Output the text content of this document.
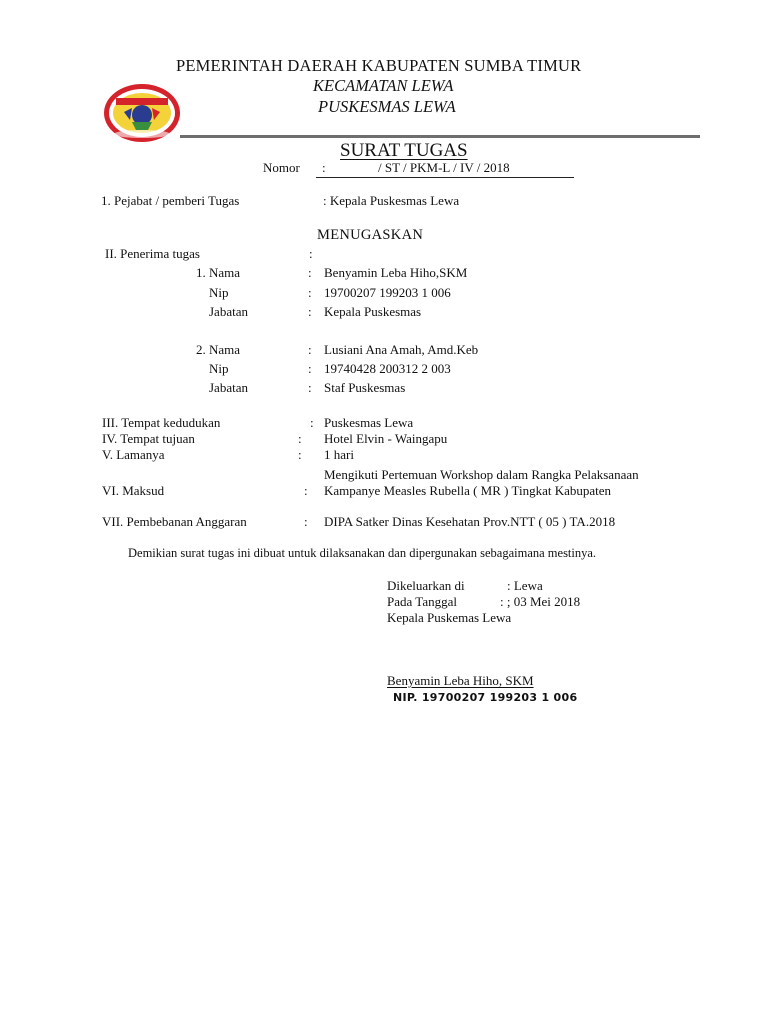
PEMERINTAH DAERAH KABUPATEN SUMBA TIMUR
KECAMATAN LEWA
PUSKESMAS LEWA
SURAT TUGAS
Nomor :	/ ST / PKM-L / IV / 2018
1. Pejabat / pemberi Tugas	: Kepala Puskesmas Lewa
MENUGASKAN
II. Penerima tugas	:
1. Nama	: Benyamin Leba Hiho,SKM
Nip	: 19700207 199203 1 006
Jabatan	: Kepala Puskesmas
2. Nama	: Lusiani Ana Amah, Amd.Keb
Nip	: 19740428 200312 2 003
Jabatan	: Staf Puskesmas
III. Tempat kedudukan	: Puskesmas Lewa
IV. Tempat tujuan	: Hotel Elvin - Waingapu
V. Lamanya	: 1 hari
Mengikuti Pertemuan Workshop dalam Rangka Pelaksanaan
VI. Maksud	: Kampanye Measles Rubella ( MR ) Tingkat Kabupaten
VII. Pembebanan Anggaran	: DIPA Satker Dinas Kesehatan Prov.NTT ( 05 ) TA.2018
Demikian surat tugas ini dibuat untuk dilaksanakan dan dipergunakan sebagaimana mestinya.
Dikeluarkan di	: Lewa
Pada Tanggal	: ; 03 Mei 2018
Kepala Puskemas Lewa
Benyamin Leba Hiho, SKM
NIP. 19700207 199203 1 006
